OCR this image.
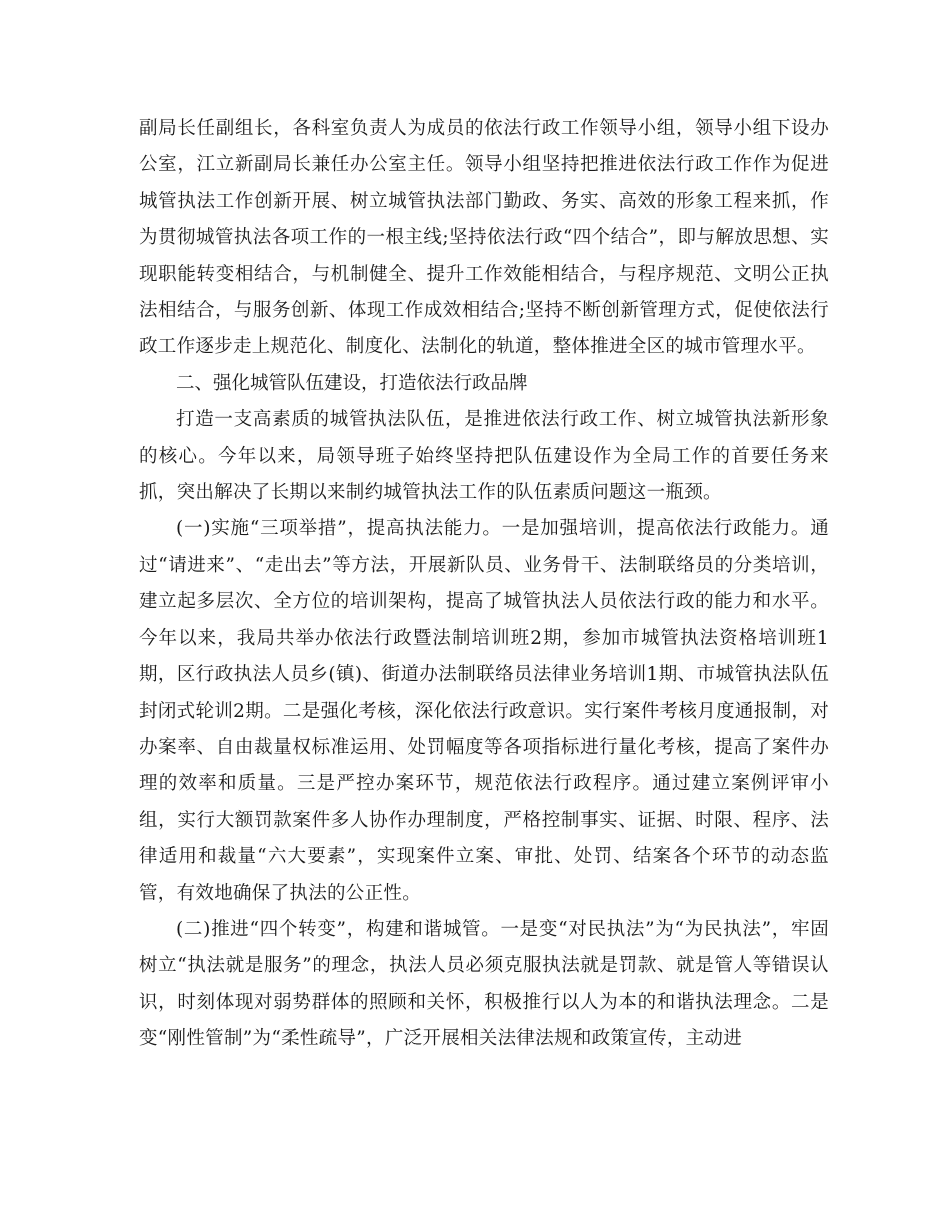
副局长任副组长，各科室负责人为成员的依法行政工作领导小组，领导小组下设办公室，江立新副局长兼任办公室主任。领导小组坚持把推进依法行政工作作为促进城管执法工作创新开展、树立城管执法部门勤政、务实、高效的形象工程来抓，作为贯彻城管执法各项工作的一根主线;坚持依法行政“四个结合”，即与解放思想、实现职能转变相结合，与机制健全、提升工作效能相结合，与程序规范、文明公正执法相结合，与服务创新、体现工作成效相结合;坚持不断创新管理方式，促使依法行政工作逐步走上规范化、制度化、法制化的轨道，整体推进全区的城市管理水平。

二、强化城管队伍建设，打造依法行政品牌

打造一支高素质的城管执法队伍，是推进依法行政工作、树立城管执法新形象的核心。今年以来，局领导班子始终坚持把队伍建设作为全局工作的首要任务来抓，突出解决了长期以来制约城管执法工作的队伍素质问题这一瓶颈。

(一)实施“三项举措”，提高执法能力。一是加强培训，提高依法行政能力。通过“请进来”、“走出去”等方法，开展新队员、业务骨干、法制联络员的分类培训，建立起多层次、全方位的培训架构，提高了城管执法人员依法行政的能力和水平。今年以来，我局共举办依法行政暨法制培训班2期，参加市城管执法资格培训班1期，区行政执法人员乡(镇)、街道办法制联络员法律业务培训1期、市城管执法队伍封闭式轮训2期。二是强化考核，深化依法行政意识。实行案件考核月度通报制，对办案率、自由裁量权标准运用、处罚幅度等各项指标进行量化考核，提高了案件办理的效率和质量。三是严控办案环节，规范依法行政程序。通过建立案例评审小组，实行大额罚款案件多人协作办理制度，严格控制事实、证据、时限、程序、法律适用和裁量“六大要素”，实现案件立案、审批、处罚、结案各个环节的动态监管，有效地确保了执法的公正性。

(二)推进“四个转变”，构建和谐城管。一是变“对民执法”为“为民执法”，牢固树立“执法就是服务”的理念，执法人员必须克服执法就是罚款、就是管人等错误认识，时刻体现对弱势群体的照顾和关怀，积极推行以人为本的和谐执法理念。二是变“刚性管制”为“柔性疏导”，广泛开展相关法律法规和政策宣传，主动进
